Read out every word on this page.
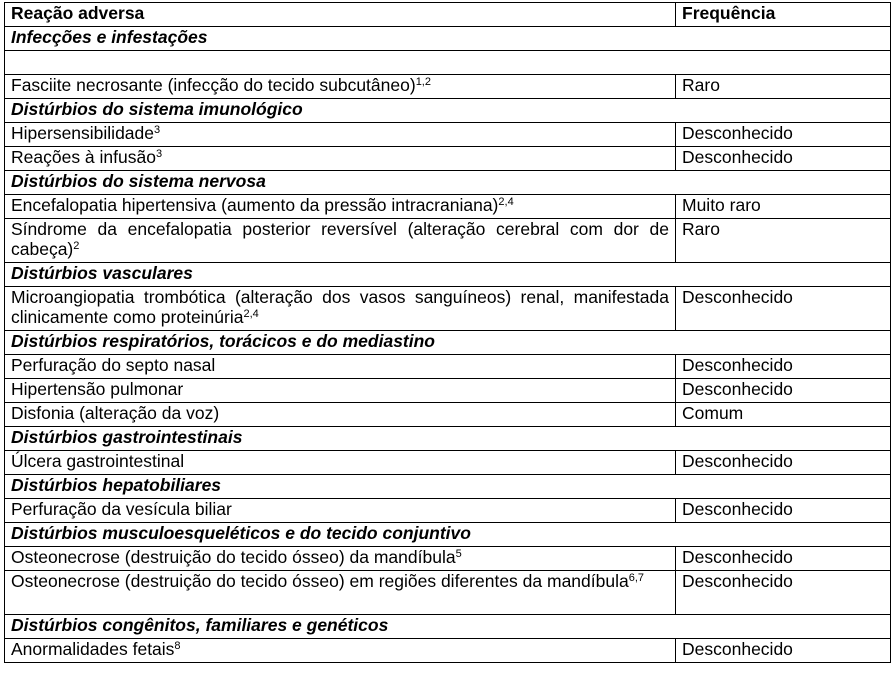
Reação adversa	Frequência
Infecções e infestações	

Fasciite necrosante (infecção do tecido subcutâneo)$^{1,2}$	Raro
Distúrbios do sistema imunológico	
Hipersensibilidade$^3$	Desconhecido
Reações à infusão$^3$	Desconhecido
Distúrbios do sistema nervosa	
Encefalopatia hipertensiva (aumento da pressão intracraniana)$^{2,4}$	Muito raro
Síndrome da encefalopatia posterior reversível (alteração cerebral com dor de cabeça)$^2$	Raro
Distúrbios vasculares	
Microangiopatia trombótica (alteração dos vasos sanguíneos) renal, manifestada clinicamente como proteinúria$^{2,4}$	Desconhecido
Distúrbios respiratórios, torácicos e do mediastino	
Perfuração do septo nasal	Desconhecido
Hipertensão pulmonar	Desconhecido
Disfonia (alteração da voz)	Comum
Distúrbios gastrointestinais	
Úlcera gastrointestinal	Desconhecido
Distúrbios hepatobiliares	
Perfuração da vesícula biliar	Desconhecido
Distúrbios musculoesqueléticos e do tecido conjuntivo	
Osteonecrose (destruição do tecido ósseo) da mandíbula$^5$	Desconhecido
Osteonecrose (destruição do tecido ósseo) em regiões diferentes da mandíbula$^{6,7}$	Desconhecido
Distúrbios congênitos, familiares e genéticos	
Anormalidades fetais$^8$	Desconhecido
